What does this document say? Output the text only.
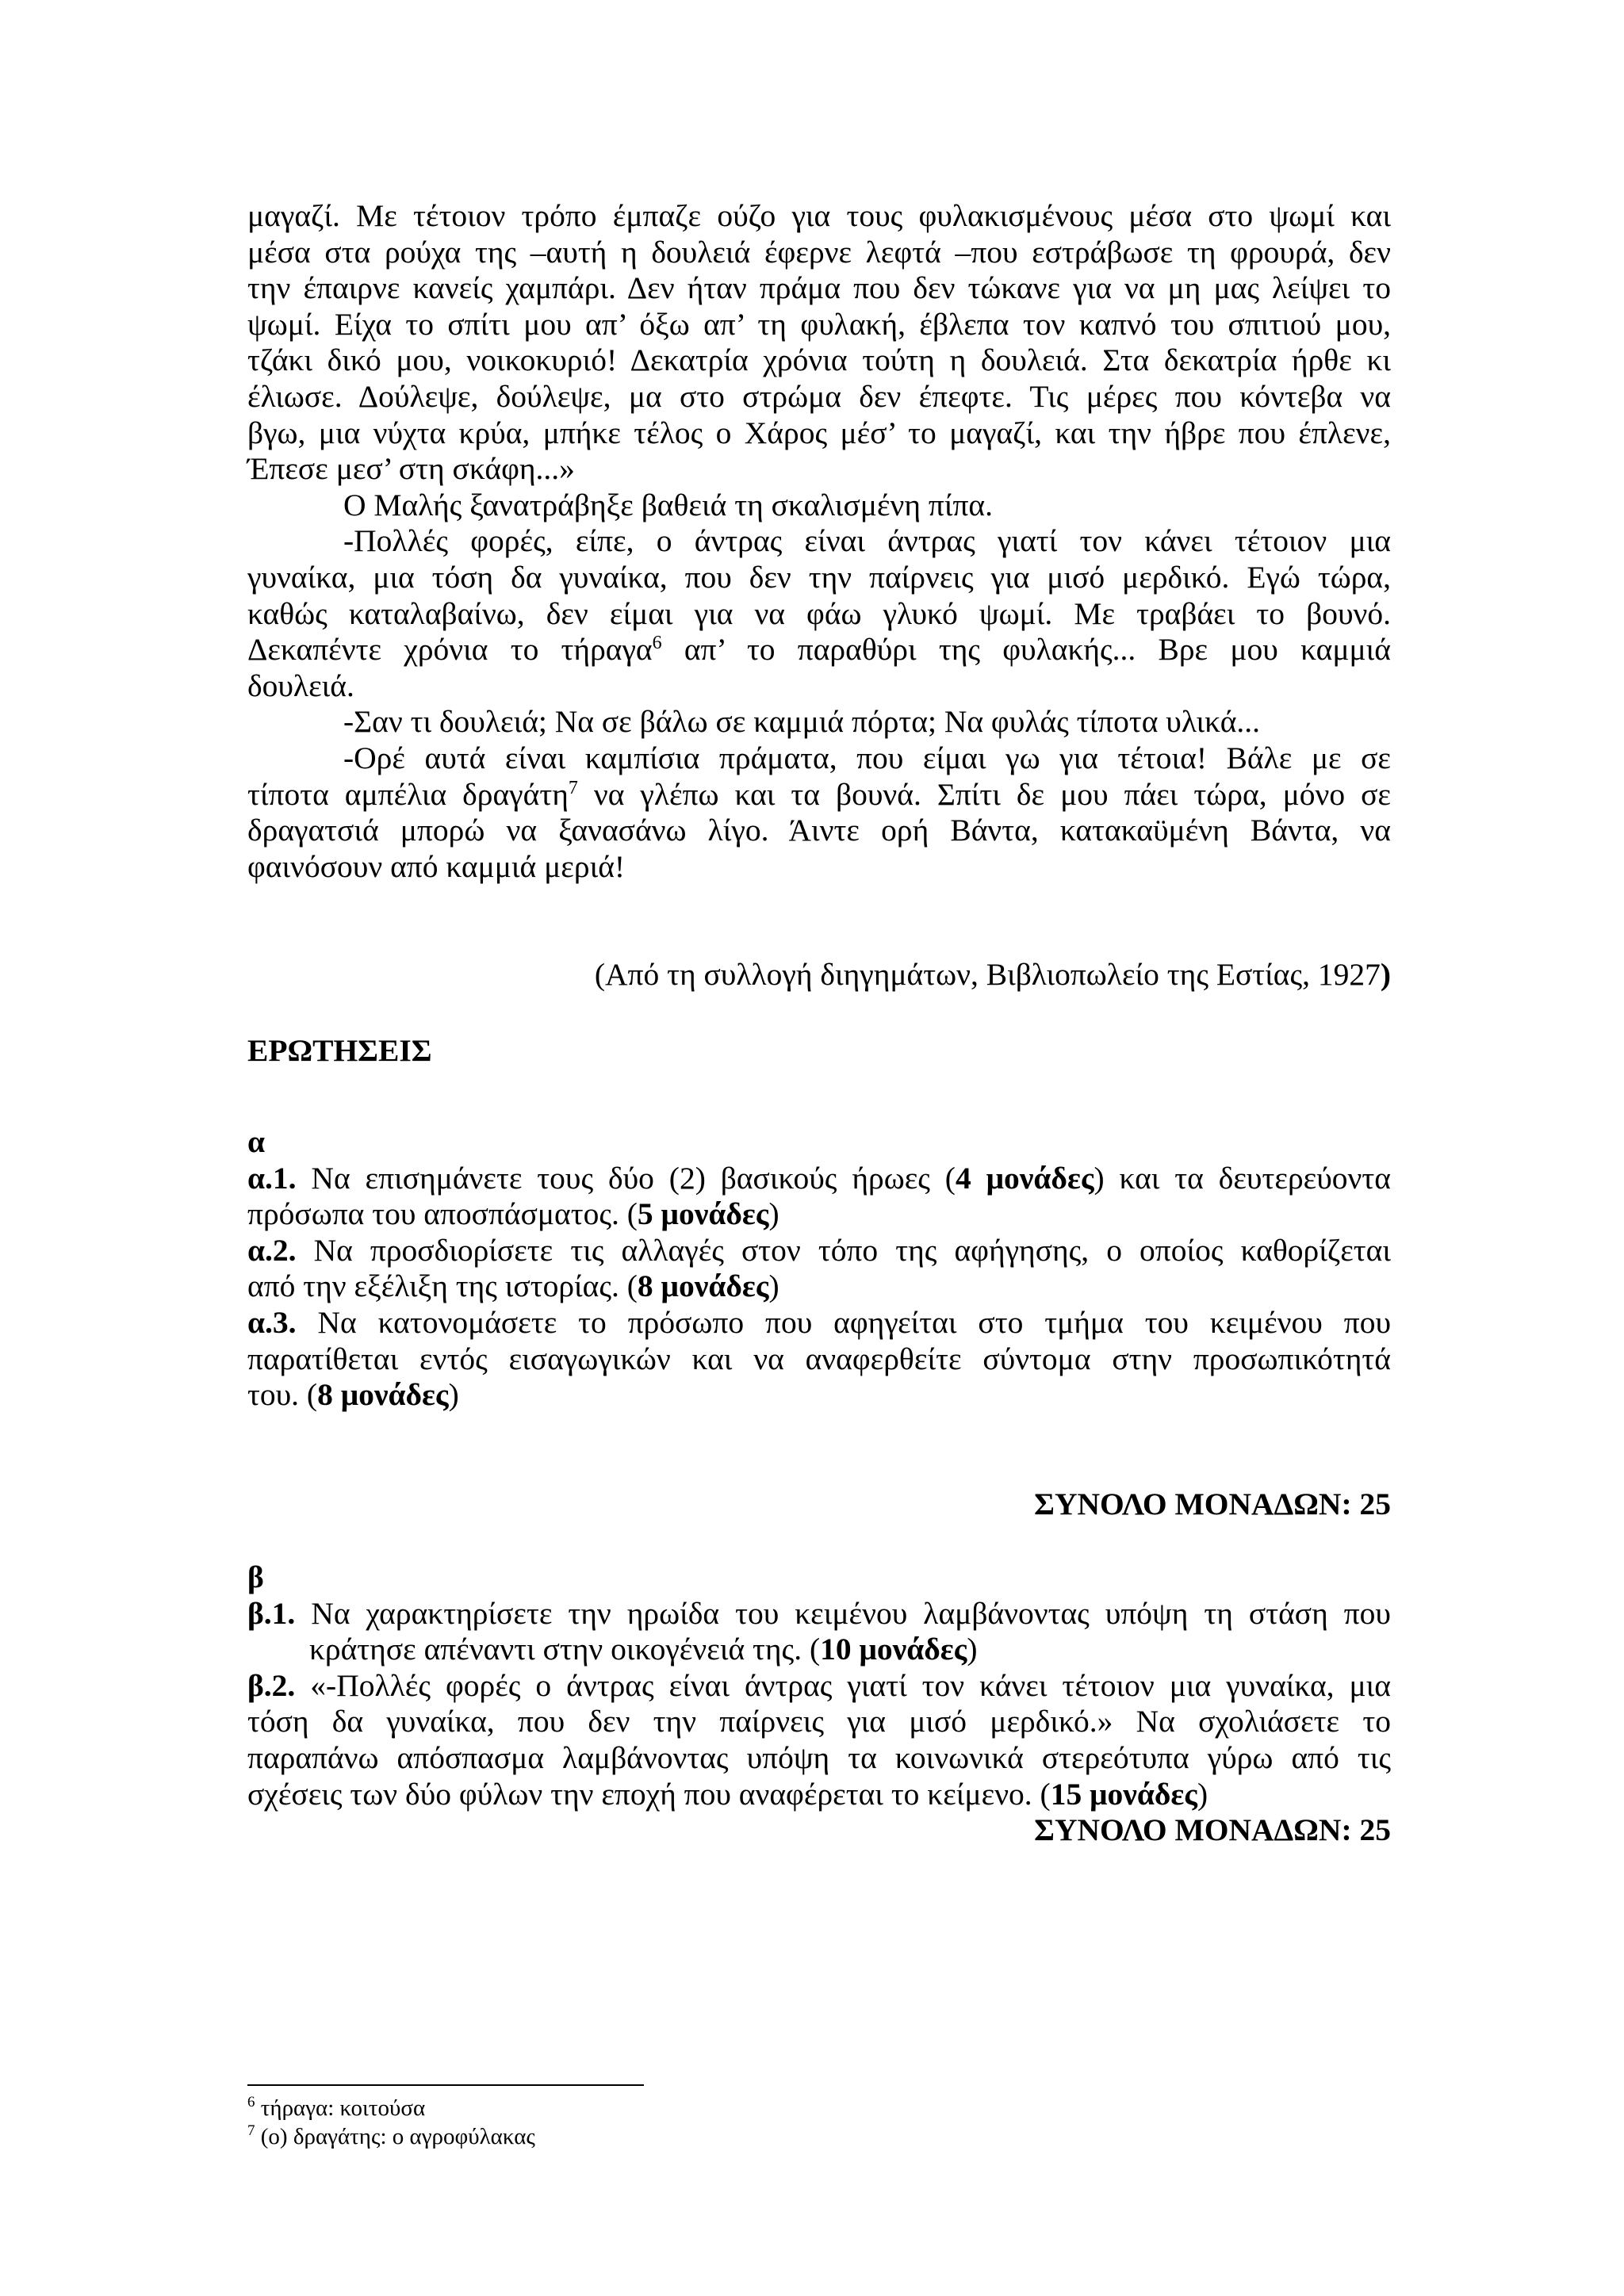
μαγαζί. Με τέτοιον τρόπο έμπαζε ούζο για τους φυλακισμένους μέσα στο ψωμί και
μέσα στα ρούχα της –αυτή η δουλειά έφερνε λεφτά –που εστράβωσε τη φρουρά, δεν
την έπαιρνε κανείς χαμπάρι. Δεν ήταν πράμα που δεν τώκανε για να μη μας λείψει το
ψωμί. Είχα το σπίτι μου απ’ όξω απ’ τη φυλακή, έβλεπα τον καπνό του σπιτιού μου,
τζάκι δικό μου, νοικοκυριό! Δεκατρία χρόνια τούτη η δουλειά. Στα δεκατρία ήρθε κι
έλιωσε. Δούλεψε, δούλεψε, μα στο στρώμα δεν έπεφτε. Τις μέρες που κόντεβα να
βγω, μια νύχτα κρύα, μπήκε τέλος ο Χάρος μέσ’ το μαγαζί, και την ήβρε που έπλενε,
Έπεσε μεσ’ στη σκάφη...»
Ο Μαλής ξανατράβηξε βαθειά τη σκαλισμένη πίπα.
-Πολλές φορές, είπε, ο άντρας είναι άντρας γιατί τον κάνει τέτοιον μια
γυναίκα, μια τόση δα γυναίκα, που δεν την παίρνεις για μισό μερδικό. Εγώ τώρα,
καθώς καταλαβαίνω, δεν είμαι για να φάω γλυκό ψωμί. Με τραβάει το βουνό.
Δεκαπέντε χρόνια το τήραγα$^6$ απ’ το παραθύρι της φυλακής... Βρε μου καμμιά
δουλειά.
-Σαν τι δουλειά; Να σε βάλω σε καμμιά πόρτα; Να φυλάς τίποτα υλικά...
-Ορέ αυτά είναι καμπίσια πράματα, που είμαι γω για τέτοια! Βάλε με σε
τίποτα αμπέλια δραγάτη$^7$ να γλέπω και τα βουνά. Σπίτι δε μου πάει τώρα, μόνο σε
δραγατσιά μπορώ να ξανασάνω λίγο. Άιντε ορή Βάντα, κατακαϋμένη Βάντα, να
φαινόσουν από καμμιά μεριά!
(Από τη συλλογή διηγημάτων, Βιβλιοπωλείο της Εστίας, 1927)
ΕΡΩΤΗΣΕΙΣ
α
α.1. Να επισημάνετε τους δύο (2) βασικούς ήρωες (4 μονάδες) και τα δευτερεύοντα
πρόσωπα του αποσπάσματος. (5 μονάδες)
α.2. Να προσδιορίσετε τις αλλαγές στον τόπο της αφήγησης, ο οποίος καθορίζεται
από την εξέλιξη της ιστορίας. (8 μονάδες)
α.3. Να κατονομάσετε το πρόσωπο που αφηγείται στο τμήμα του κειμένου που
παρατίθεται εντός εισαγωγικών και να αναφερθείτε σύντομα στην προσωπικότητά
του. (8 μονάδες)
ΣΥΝΟΛΟ ΜΟΝΑΔΩΝ: 25
β
β.1. Να χαρακτηρίσετε την ηρωίδα του κειμένου λαμβάνοντας υπόψη τη στάση που
κράτησε απέναντι στην οικογένειά της. (10 μονάδες)
β.2. «-Πολλές φορές ο άντρας είναι άντρας γιατί τον κάνει τέτοιον μια γυναίκα, μια
τόση δα γυναίκα, που δεν την παίρνεις για μισό μερδικό.» Να σχολιάσετε το
παραπάνω απόσπασμα λαμβάνοντας υπόψη τα κοινωνικά στερεότυπα γύρω από τις
σχέσεις των δύο φύλων την εποχή που αναφέρεται το κείμενο. (15 μονάδες)
ΣΥΝΟΛΟ ΜΟΝΑΔΩΝ: 25
$^6$ τήραγα: κοιτούσα
$^7$ (ο) δραγάτης: ο αγροφύλακας
